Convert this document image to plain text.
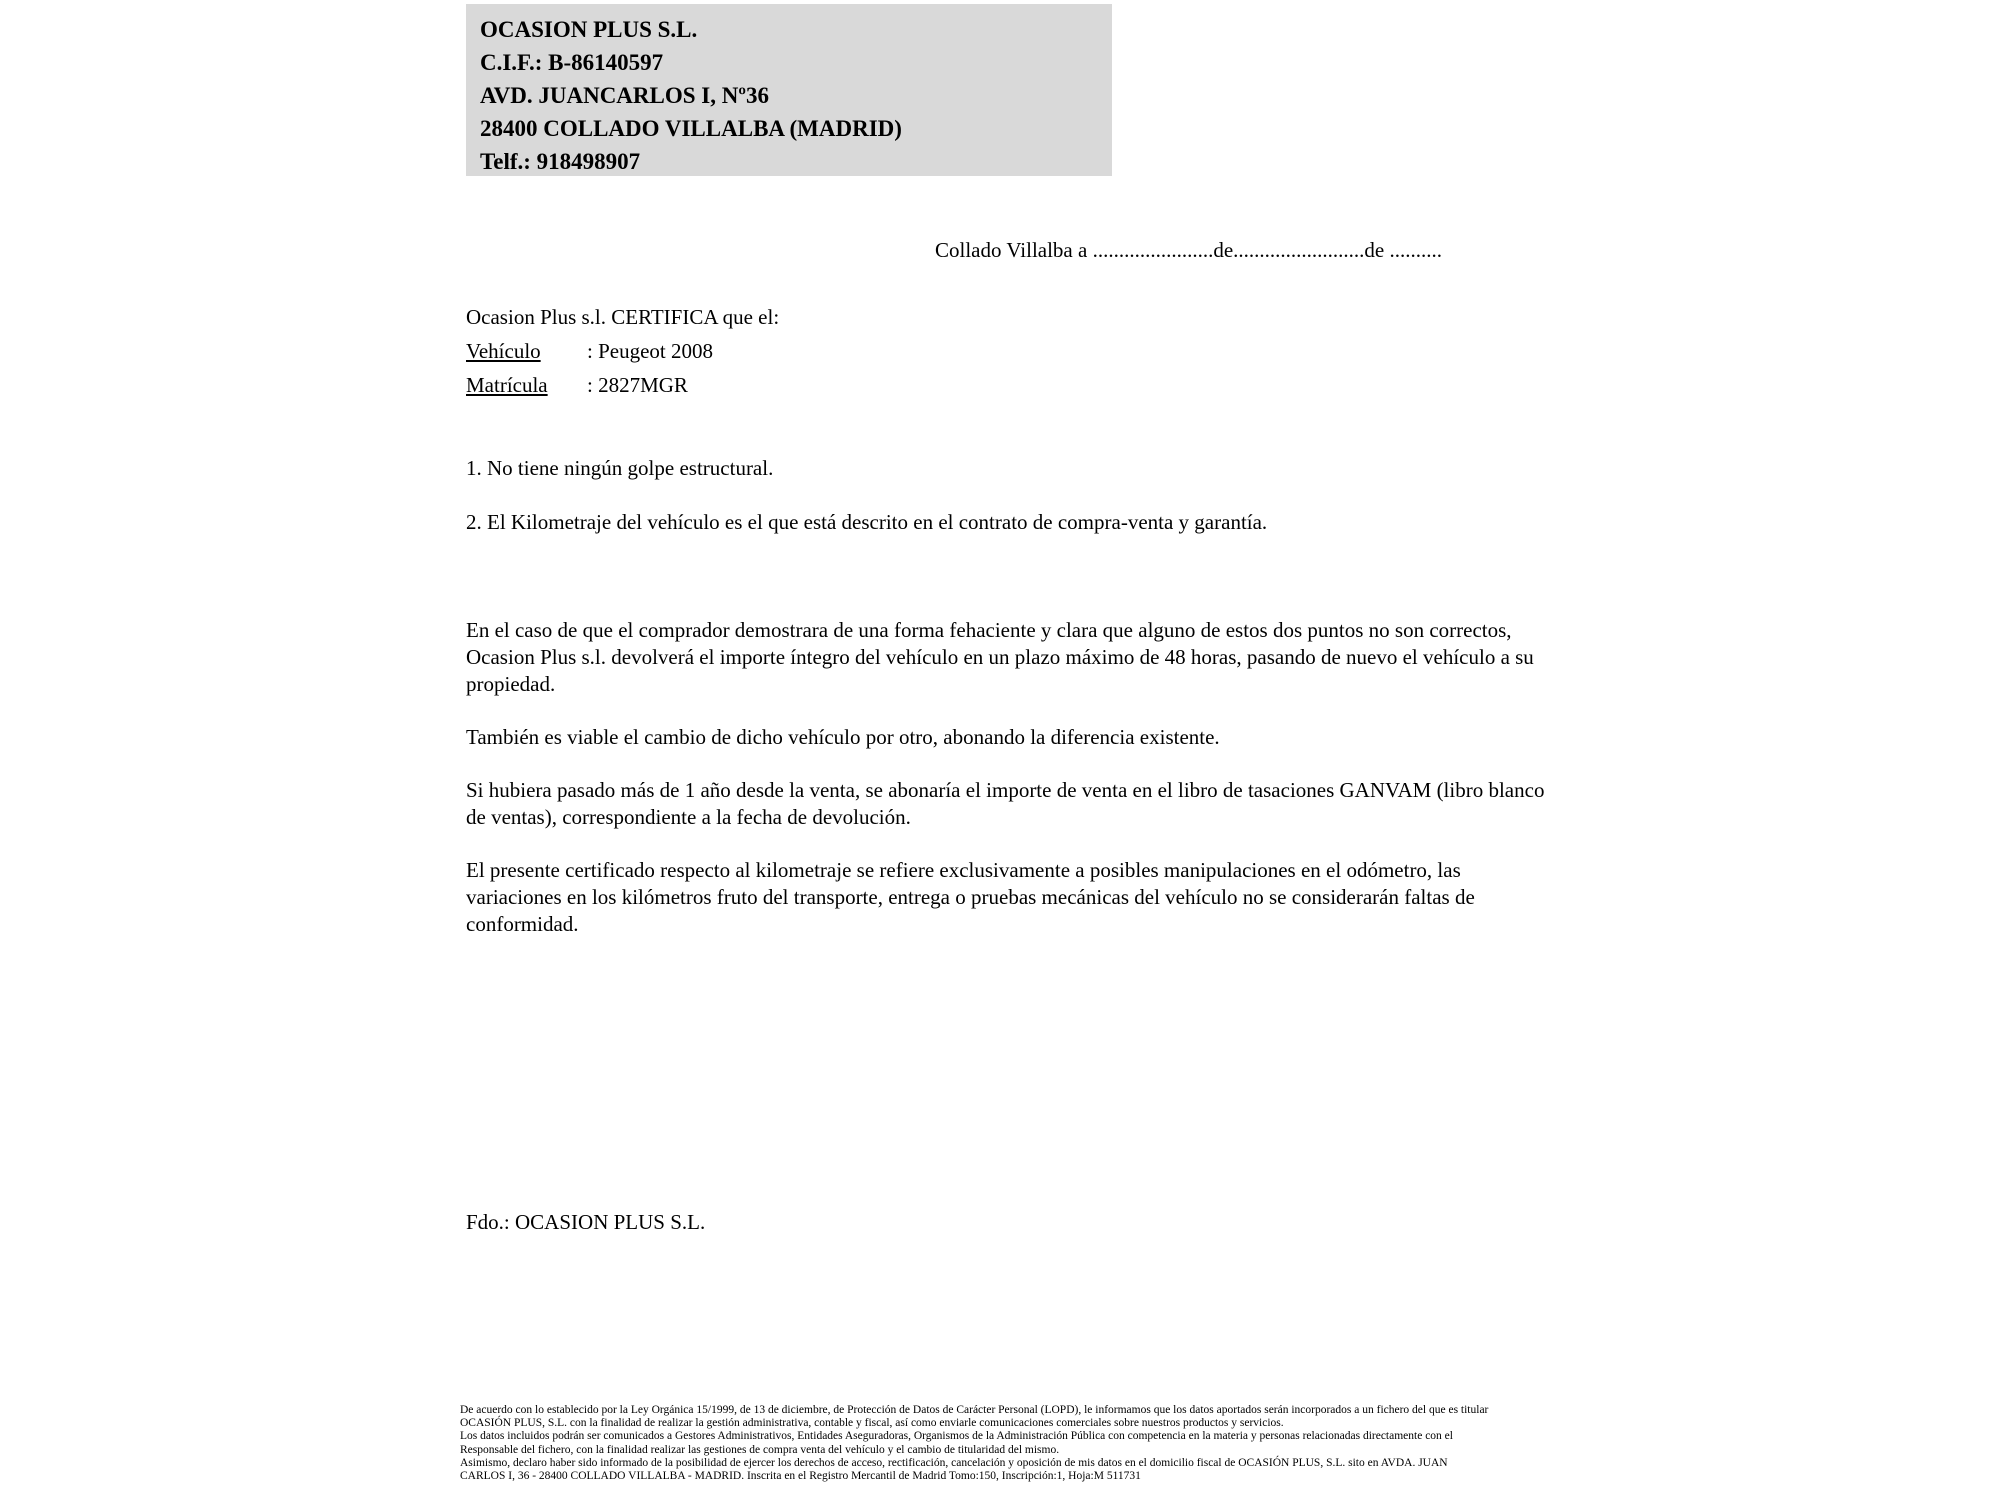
OCASION PLUS S.L.
C.I.F.: B-86140597
AVD. JUANCARLOS I, Nº36
28400 COLLADO VILLALBA (MADRID)
Telf.: 918498907
Collado Villalba a .......................de.........................de ..........
Ocasion Plus s.l. CERTIFICA que el:
Vehículo : Peugeot 2008
Matrícula : 2827MGR
1. No tiene ningún golpe estructural.
2. El Kilometraje del vehículo es el que está descrito en el contrato de compra-venta y garantía.

En el caso de que el comprador demostrara de una forma fehaciente y clara que alguno de estos dos puntos no son correctos, Ocasion Plus s.l. devolverá el importe íntegro del vehículo en un plazo máximo de 48 horas, pasando de nuevo el vehículo a su propiedad.

También es viable el cambio de dicho vehículo por otro, abonando la diferencia existente.

Si hubiera pasado más de 1 año desde la venta, se abonaría el importe de venta en el libro de tasaciones GANVAM (libro blanco de ventas), correspondiente a la fecha de devolución.

El presente certificado respecto al kilometraje se refiere exclusivamente a posibles manipulaciones en el odómetro, las variaciones en los kilómetros fruto del transporte, entrega o pruebas mecánicas del vehículo no se considerarán faltas de conformidad.

Fdo.: OCASION PLUS S.L.
De acuerdo con lo establecido por la Ley Orgánica 15/1999, de 13 de diciembre, de Protección de Datos de Carácter Personal (LOPD), le informamos que los datos aportados serán incorporados a un fichero del que es titular
OCASIÓN PLUS, S.L. con la finalidad de realizar la gestión administrativa, contable y fiscal, así como enviarle comunicaciones comerciales sobre nuestros productos y servicios.
Los datos incluidos podrán ser comunicados a Gestores Administrativos, Entidades Aseguradoras, Organismos de la Administración Pública con competencia en la materia y personas relacionadas directamente con el
Responsable del fichero, con la finalidad realizar las gestiones de compra venta del vehículo y el cambio de titularidad del mismo.
Asimismo, declaro haber sido informado de la posibilidad de ejercer los derechos de acceso, rectificación, cancelación y oposición de mis datos en el domicilio fiscal de OCASIÓN PLUS, S.L. sito en AVDA. JUAN
CARLOS I, 36 - 28400 COLLADO VILLALBA - MADRID. Inscrita en el Registro Mercantil de Madrid Tomo:150, Inscripción:1, Hoja:M 511731
